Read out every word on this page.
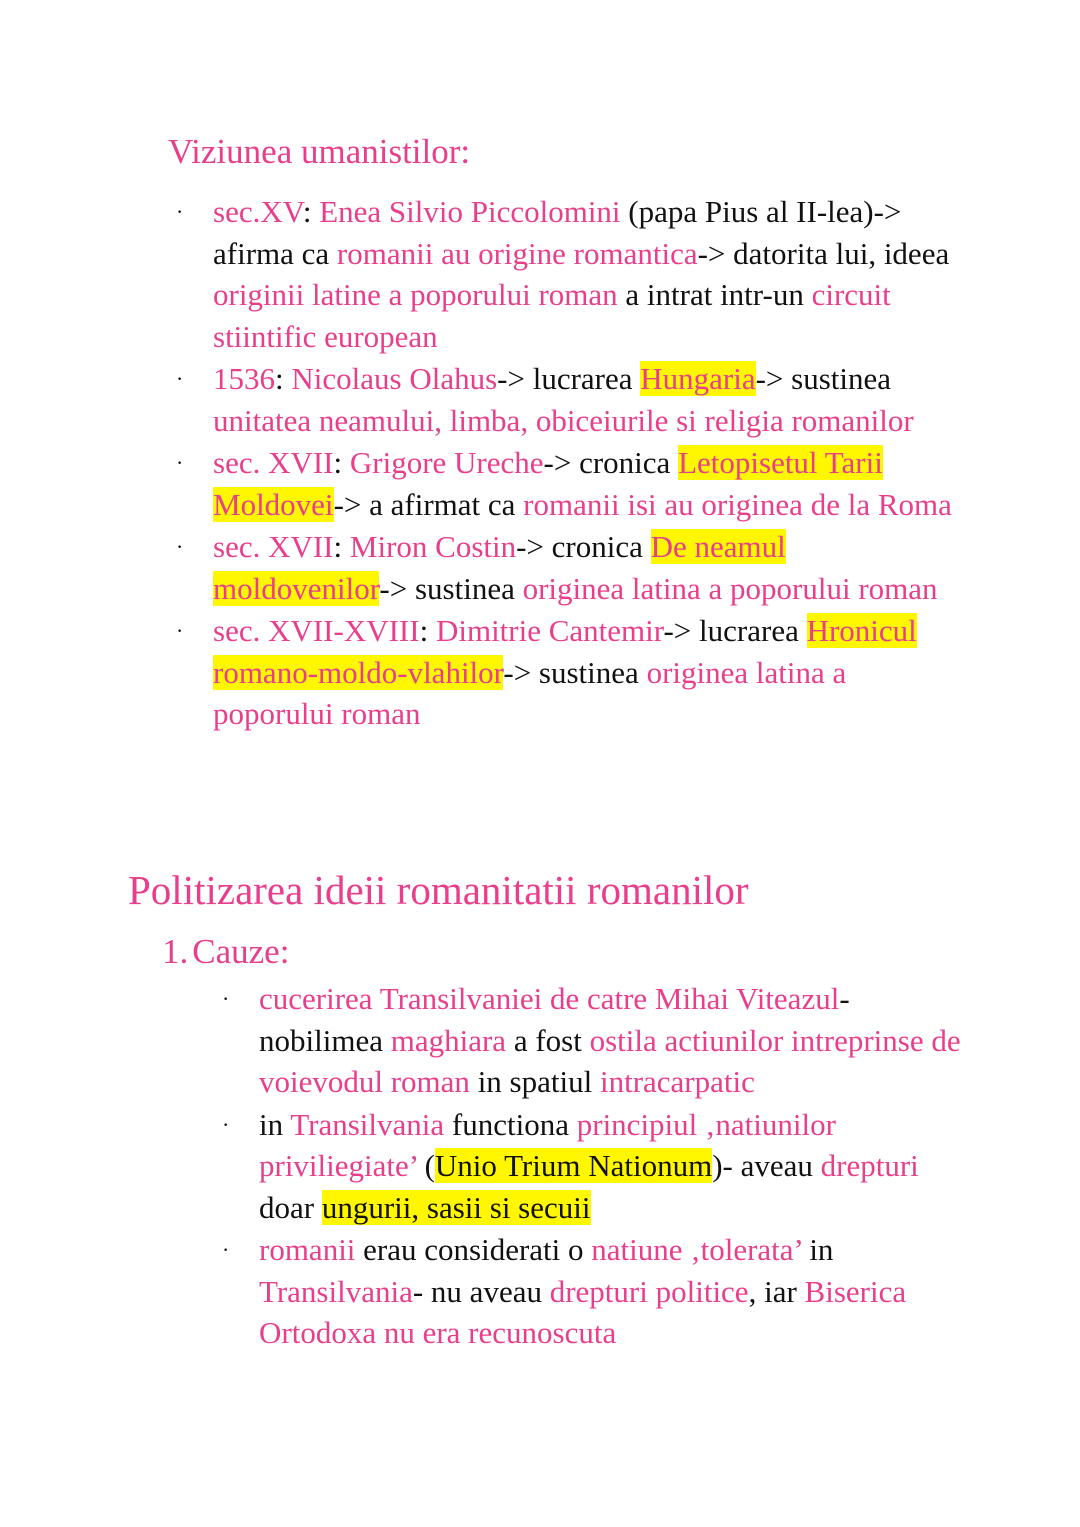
Viziunea umanistilor:
· sec.XV: Enea Silvio Piccolomini (papa Pius al II-lea)-> afirma ca romanii au origine romantica-> datorita lui, ideea originii latine a poporului roman a intrat intr-un circuit stiintific european
· 1536: Nicolaus Olahus-> lucrarea Hungaria-> sustinea unitatea neamului, limba, obiceiurile si religia romanilor
· sec. XVII: Grigore Ureche-> cronica Letopisetul Tarii Moldovei-> a afirmat ca romanii isi au originea de la Roma
· sec. XVII: Miron Costin-> cronica De neamul moldovenilor-> sustinea originea latina a poporului roman
· sec. XVII-XVIII: Dimitrie Cantemir-> lucrarea Hronicul romano-moldo-vlahilor-> sustinea originea latina a poporului roman
Politizarea ideii romanitatii romanilor
1. Cauze:
· cucerirea Transilvaniei de catre Mihai Viteazul- nobilimea maghiara a fost ostila actiunilor intreprinse de voievodul roman in spatiul intracarpatic
· in Transilvania functiona principiul ‚natiunilor priviliegiate’ (Unio Trium Nationum)- aveau drepturi doar ungurii, sasii si secuii
· romanii erau considerati o natiune ‚tolerata’ in Transilvania- nu aveau drepturi politice, iar Biserica Ortodoxa nu era recunoscuta
